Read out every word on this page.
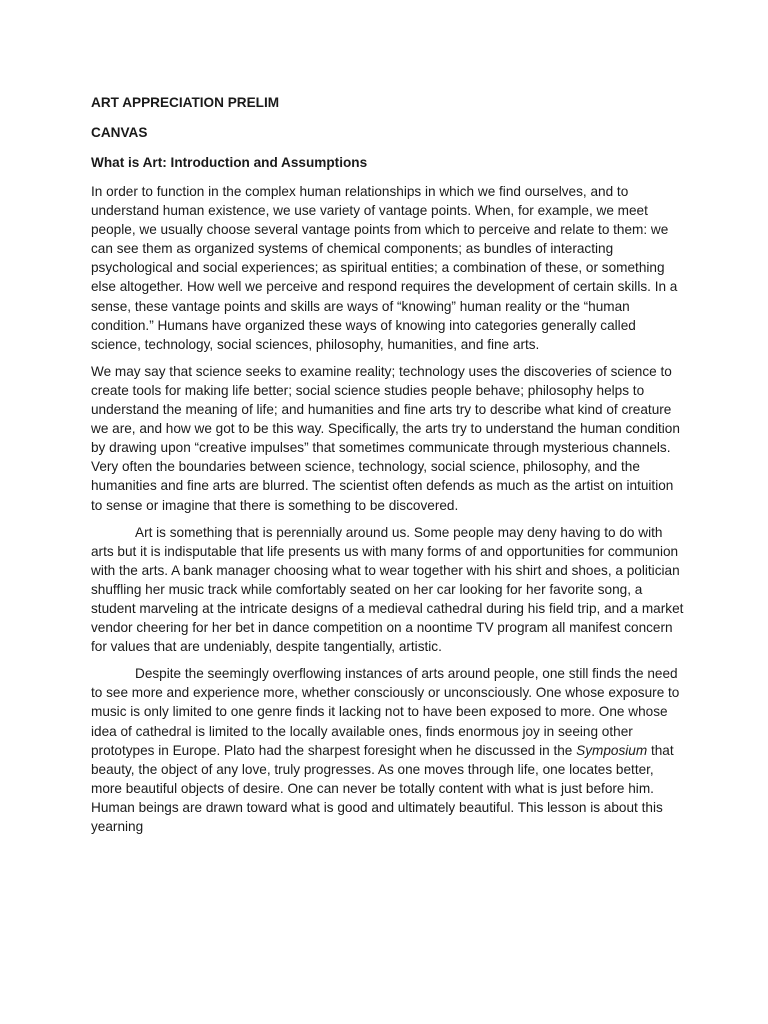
ART APPRECIATION PRELIM
CANVAS
What is Art: Introduction and Assumptions

In order to function in the complex human relationships in which we find ourselves, and to understand human existence, we use variety of vantage points. When, for example, we meet people, we usually choose several vantage points from which to perceive and relate to them: we can see them as organized systems of chemical components; as bundles of interacting psychological and social experiences; as spiritual entities; a combination of these, or something else altogether. How well we perceive and respond requires the development of certain skills. In a sense, these vantage points and skills are ways of “knowing” human reality or the “human condition.” Humans have organized these ways of knowing into categories generally called science, technology, social sciences, philosophy, humanities, and fine arts.

We may say that science seeks to examine reality; technology uses the discoveries of science to create tools for making life better; social science studies people behave; philosophy helps to understand the meaning of life; and humanities and fine arts try to describe what kind of creature we are, and how we got to be this way. Specifically, the arts try to understand the human condition by drawing upon “creative impulses” that sometimes communicate through mysterious channels. Very often the boundaries between science, technology, social science, philosophy, and the humanities and fine arts are blurred. The scientist often defends as much as the artist on intuition to sense or imagine that there is something to be discovered.

Art is something that is perennially around us. Some people may deny having to do with arts but it is indisputable that life presents us with many forms of and opportunities for communion with the arts. A bank manager choosing what to wear together with his shirt and shoes, a politician shuffling her music track while comfortably seated on her car looking for her favorite song, a student marveling at the intricate designs of a medieval cathedral during his field trip, and a market vendor cheering for her bet in dance competition on a noontime TV program all manifest concern for values that are undeniably, despite tangentially, artistic.

Despite the seemingly overflowing instances of arts around people, one still finds the need to see more and experience more, whether consciously or unconsciously. One whose exposure to music is only limited to one genre finds it lacking not to have been exposed to more. One whose idea of cathedral is limited to the locally available ones, finds enormous joy in seeing other prototypes in Europe. Plato had the sharpest foresight when he discussed in the Symposium that beauty, the object of any love, truly progresses. As one moves through life, one locates better, more beautiful objects of desire. One can never be totally content with what is just before him. Human beings are drawn toward what is good and ultimately beautiful. This lesson is about this yearning
